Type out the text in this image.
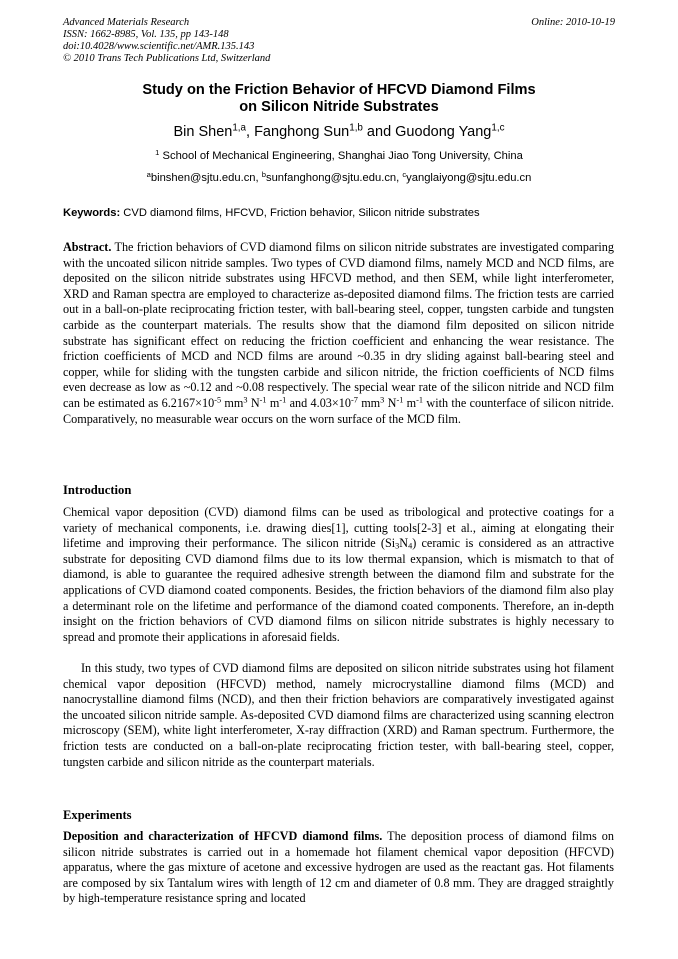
Advanced Materials Research
ISSN: 1662-8985, Vol. 135, pp 143-148
doi:10.4028/www.scientific.net/AMR.135.143
© 2010 Trans Tech Publications Ltd, Switzerland
Online: 2010-10-19
Study on the Friction Behavior of HFCVD Diamond Films
on Silicon Nitride Substrates
Bin Shen$^{1,a}$, Fanghong Sun$^{1,b}$ and Guodong Yang$^{1,c}$
$^1$ School of Mechanical Engineering, Shanghai Jiao Tong University, China
$^a$binshen@sjtu.edu.cn, $^b$sunfanghong@sjtu.edu.cn, $^c$yanglaiyong@sjtu.edu.cn
Keywords: CVD diamond films, HFCVD, Friction behavior, Silicon nitride substrates
Abstract. The friction behaviors of CVD diamond films on silicon nitride substrates are investigated comparing with the uncoated silicon nitride samples. Two types of CVD diamond films, namely MCD and NCD films, are deposited on the silicon nitride substrates using HFCVD method, and then SEM, while light interferometer, XRD and Raman spectra are employed to characterize as-deposited diamond films. The friction tests are carried out in a ball-on-plate reciprocating friction tester, with ball-bearing steel, copper, tungsten carbide and tungsten carbide as the counterpart materials. The results show that the diamond film deposited on silicon nitride substrate has significant effect on reducing the friction coefficient and enhancing the wear resistance. The friction coefficients of MCD and NCD films are around ~0.35 in dry sliding against ball-bearing steel and copper, while for sliding with the tungsten carbide and silicon nitride, the friction coefficients of NCD films even decrease as low as ~0.12 and ~0.08 respectively. The special wear rate of the silicon nitride and NCD film can be estimated as $6.2167\times 10^{-5}$ $mm^3$ $N^{-1}$ $m^{-1}$ and $4.03\times 10^{-7}$ $mm^3$ $N^{-1}$ $m^{-1}$ with the counterface of silicon nitride. Comparatively, no measurable wear occurs on the worn surface of the MCD film.
Introduction
Chemical vapor deposition (CVD) diamond films can be used as tribological and protective coatings for a variety of mechanical components, i.e. drawing dies[1], cutting tools[2-3] et al., aiming at elongating their lifetime and improving their performance. The silicon nitride $(Si_3N_4)$ ceramic is considered as an attractive substrate for depositing CVD diamond films due to its low thermal expansion, which is mismatch to that of diamond, is able to guarantee the required adhesive strength between the diamond film and substrate for the applications of CVD diamond coated components. Besides, the friction behaviors of the diamond film also play a determinant role on the lifetime and performance of the diamond coated components. Therefore, an in-depth insight on the friction behaviors of CVD diamond films on silicon nitride substrates is highly necessary to spread and promote their applications in aforesaid fields.
In this study, two types of CVD diamond films are deposited on silicon nitride substrates using hot filament chemical vapor deposition (HFCVD) method, namely microcrystalline diamond films (MCD) and nanocrystalline diamond films (NCD), and then their friction behaviors are comparatively investigated against the uncoated silicon nitride sample. As-deposited CVD diamond films are characterized using scanning electron microscopy (SEM), white light interferometer, X-ray diffraction (XRD) and Raman spectrum. Furthermore, the friction tests are conducted on a ball-on-plate reciprocating friction tester, with ball-bearing steel, copper, tungsten carbide and silicon nitride as the counterpart materials.
Experiments
Deposition and characterization of HFCVD diamond films. The deposition process of diamond films on silicon nitride substrates is carried out in a homemade hot filament chemical vapor deposition (HFCVD) apparatus, where the gas mixture of acetone and excessive hydrogen are used as the reactant gas. Hot filaments are composed by six Tantalum wires with length of 12 cm and diameter of 0.8 mm. They are dragged straightly by high-temperature resistance spring and located
